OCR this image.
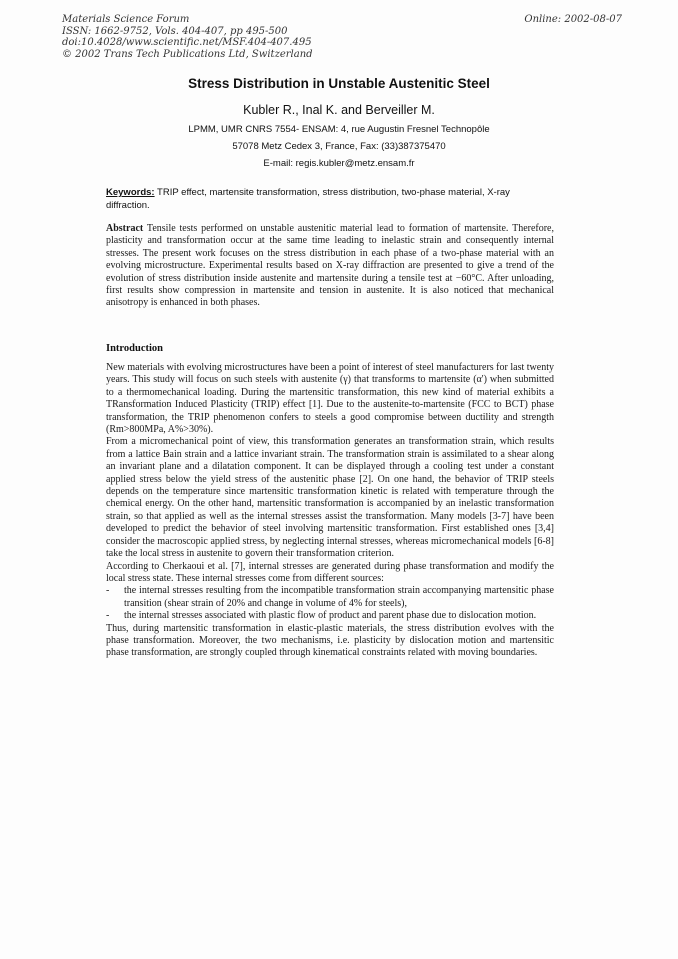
Materials Science Forum
ISSN: 1662-9752, Vols. 404-407, pp 495-500
doi:10.4028/www.scientific.net/MSF.404-407.495
© 2002 Trans Tech Publications Ltd, Switzerland
Online: 2002-08-07
Stress Distribution in Unstable Austenitic Steel
Kubler R., Inal K. and Berveiller M.
LPMM, UMR CNRS 7554- ENSAM: 4, rue Augustin Fresnel Technopôle
57078 Metz Cedex 3, France, Fax: (33)387375470
E-mail: regis.kubler@metz.ensam.fr
Keywords: TRIP effect, martensite transformation, stress distribution, two-phase material, X-ray diffraction.
Abstract Tensile tests performed on unstable austenitic material lead to formation of martensite. Therefore, plasticity and transformation occur at the same time leading to inelastic strain and consequently internal stresses. The present work focuses on the stress distribution in each phase of a two-phase material with an evolving microstructure. Experimental results based on X-ray diffraction are presented to give a trend of the evolution of stress distribution inside austenite and martensite during a tensile test at −60°C. After unloading, first results show compression in martensite and tension in austenite. It is also noticed that mechanical anisotropy is enhanced in both phases.
Introduction

New materials with evolving microstructures have been a point of interest of steel manufacturers for last twenty years. This study will focus on such steels with austenite (γ) that transforms to martensite (α') when submitted to a thermomechanical loading. During the martensitic transformation, this new kind of material exhibits a TRansformation Induced Plasticity (TRIP) effect [1]. Due to the austenite-to-martensite (FCC to BCT) phase transformation, the TRIP phenomenon confers to steels a good compromise between ductility and strength (Rm>800MPa, A%>30%).

From a micromechanical point of view, this transformation generates an transformation strain, which results from a lattice Bain strain and a lattice invariant strain. The transformation strain is assimilated to a shear along an invariant plane and a dilatation component. It can be displayed through a cooling test under a constant applied stress below the yield stress of the austenitic phase [2]. On one hand, the behavior of TRIP steels depends on the temperature since martensitic transformation kinetic is related with temperature through the chemical energy. On the other hand, martensitic transformation is accompanied by an inelastic transformation strain, so that applied as well as the internal stresses assist the transformation. Many models [3-7] have been developed to predict the behavior of steel involving martensitic transformation. First established ones [3,4] consider the macroscopic applied stress, by neglecting internal stresses, whereas micromechanical models [6-8] take the local stress in austenite to govern their transformation criterion.

According to Cherkaoui et al. [7], internal stresses are generated during phase transformation and modify the local stress state. These internal stresses come from different sources:

- the internal stresses resulting from the incompatible transformation strain accompanying martensitic phase transition (shear strain of 20% and change in volume of 4% for steels),
- the internal stresses associated with plastic flow of product and parent phase due to dislocation motion.

Thus, during martensitic transformation in elastic-plastic materials, the stress distribution evolves with the phase transformation. Moreover, the two mechanisms, i.e. plasticity by dislocation motion and martensitic phase transformation, are strongly coupled through kinematical constraints related with moving boundaries.
